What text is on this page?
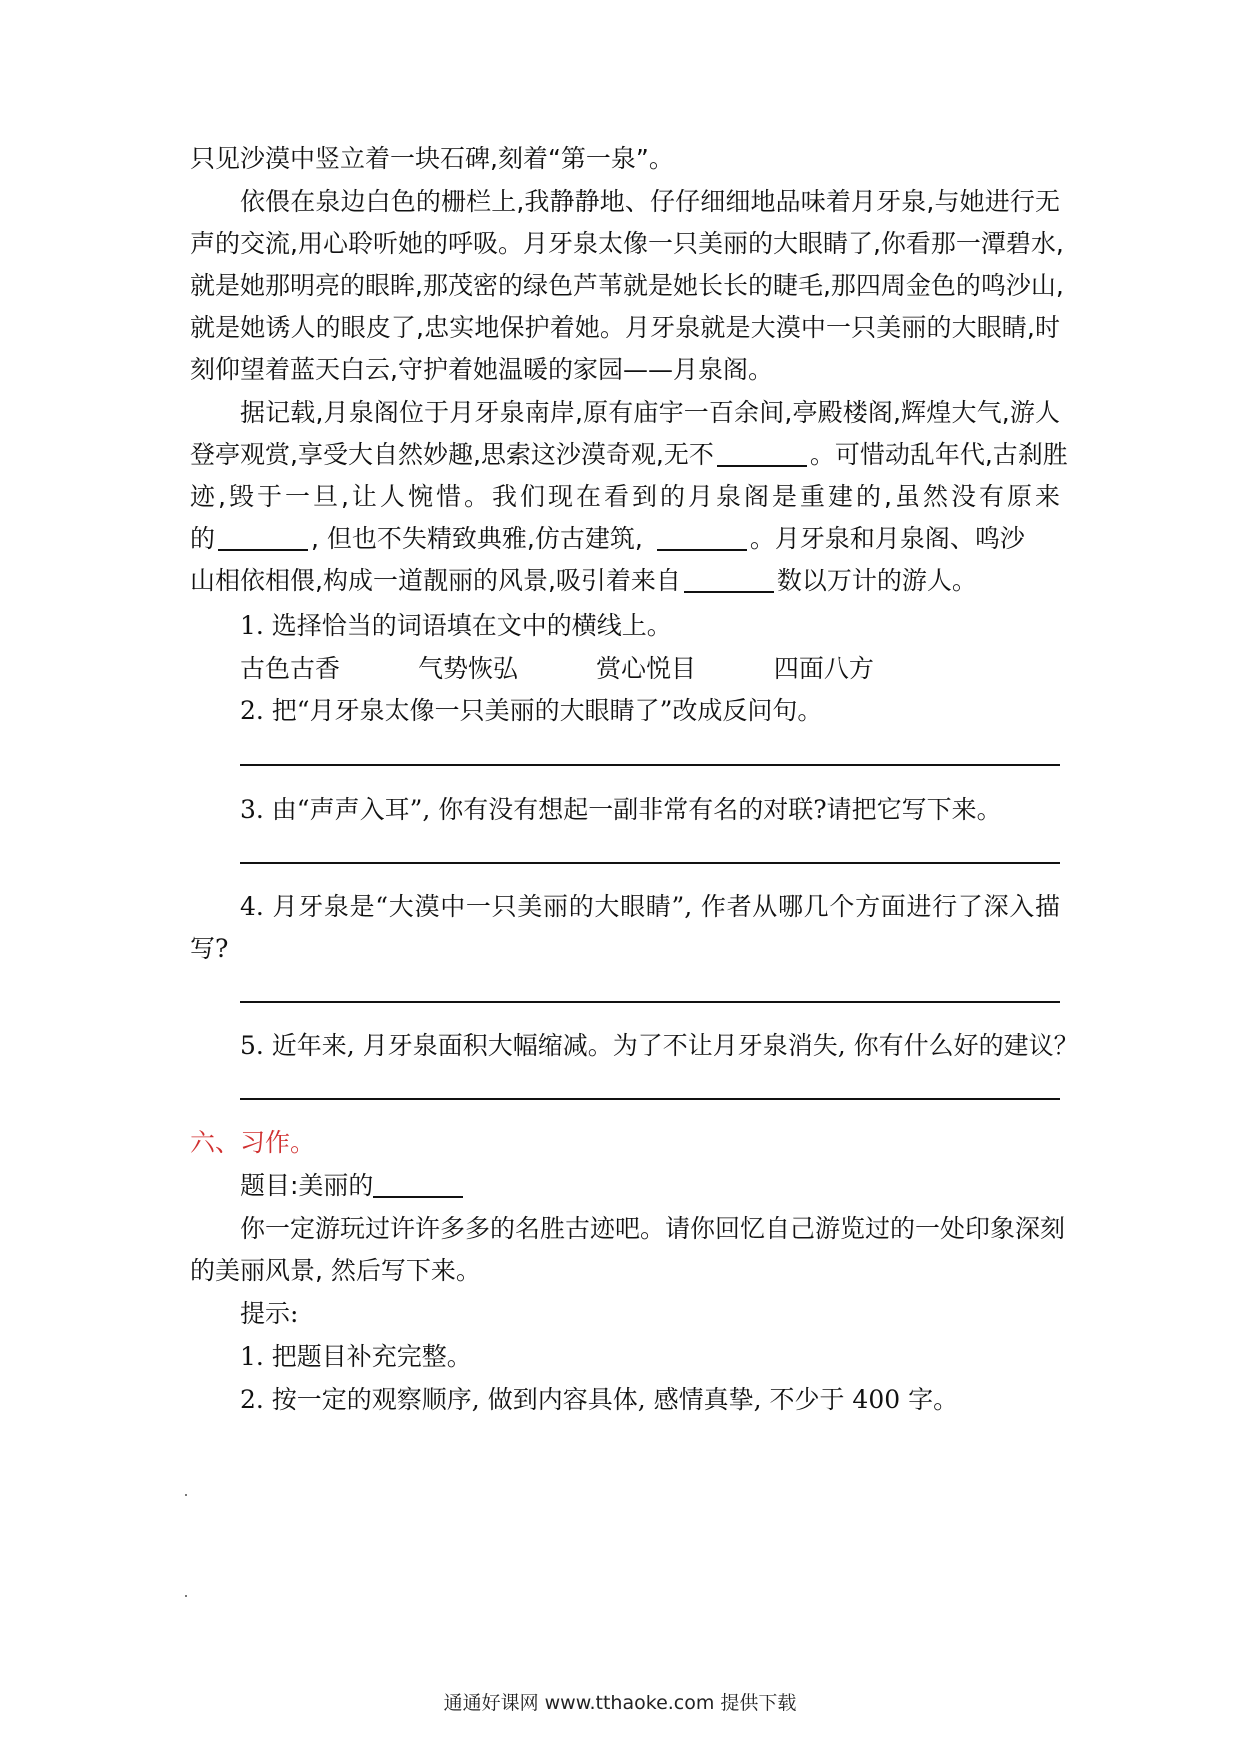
只见沙漠中竖立着一块石碑,刻着“第一泉”。
依偎在泉边白色的栅栏上,我静静地、仔仔细细地品味着月牙泉,与她进行无
声的交流,用心聆听她的呼吸。月牙泉太像一只美丽的大眼睛了,你看那一潭碧水,
就是她那明亮的眼眸,那茂密的绿色芦苇就是她长长的睫毛,那四周金色的鸣沙山,
就是她诱人的眼皮了,忠实地保护着她。月牙泉就是大漠中一只美丽的大眼睛,时
刻仰望着蓝天白云,守护着她温暖的家园——月泉阁。
据记载,月泉阁位于月牙泉南岸,原有庙宇一百余间,亭殿楼阁,辉煌大气,游人
登亭观赏,享受大自然妙趣,思索这沙漠奇观,无不	。可惜动乱年代,古刹胜
迹,毁于一旦,让人惋惜。我们现在看到的月泉阁是重建的,虽然没有原来
的	, 但也不失精致典雅,仿古建筑,	。月牙泉和月泉阁、鸣沙
山相依相偎,构成一道靓丽的风景,吸引着来自	数以万计的游人。
1. 选择恰当的词语填在文中的横线上。
古色古香	气势恢弘	赏心悦目	四面八方
2. 把“月牙泉太像一只美丽的大眼睛了”改成反问句。
3. 由“声声入耳”, 你有没有想起一副非常有名的对联?请把它写下来。
4. 月牙泉是“大漠中一只美丽的大眼睛”, 作者从哪几个方面进行了深入描
写?
5. 近年来, 月牙泉面积大幅缩减。为了不让月牙泉消失, 你有什么好的建议？
六、习作。
题目:美丽的
你一定游玩过许许多多的名胜古迹吧。请你回忆自己游览过的一处印象深刻
的美丽风景, 然后写下来。
提示:
1. 把题目补充完整。
2. 按一定的观察顺序, 做到内容具体, 感情真挚, 不少于 400 字。
通通好课网 www.tthaoke.com 提供下载
